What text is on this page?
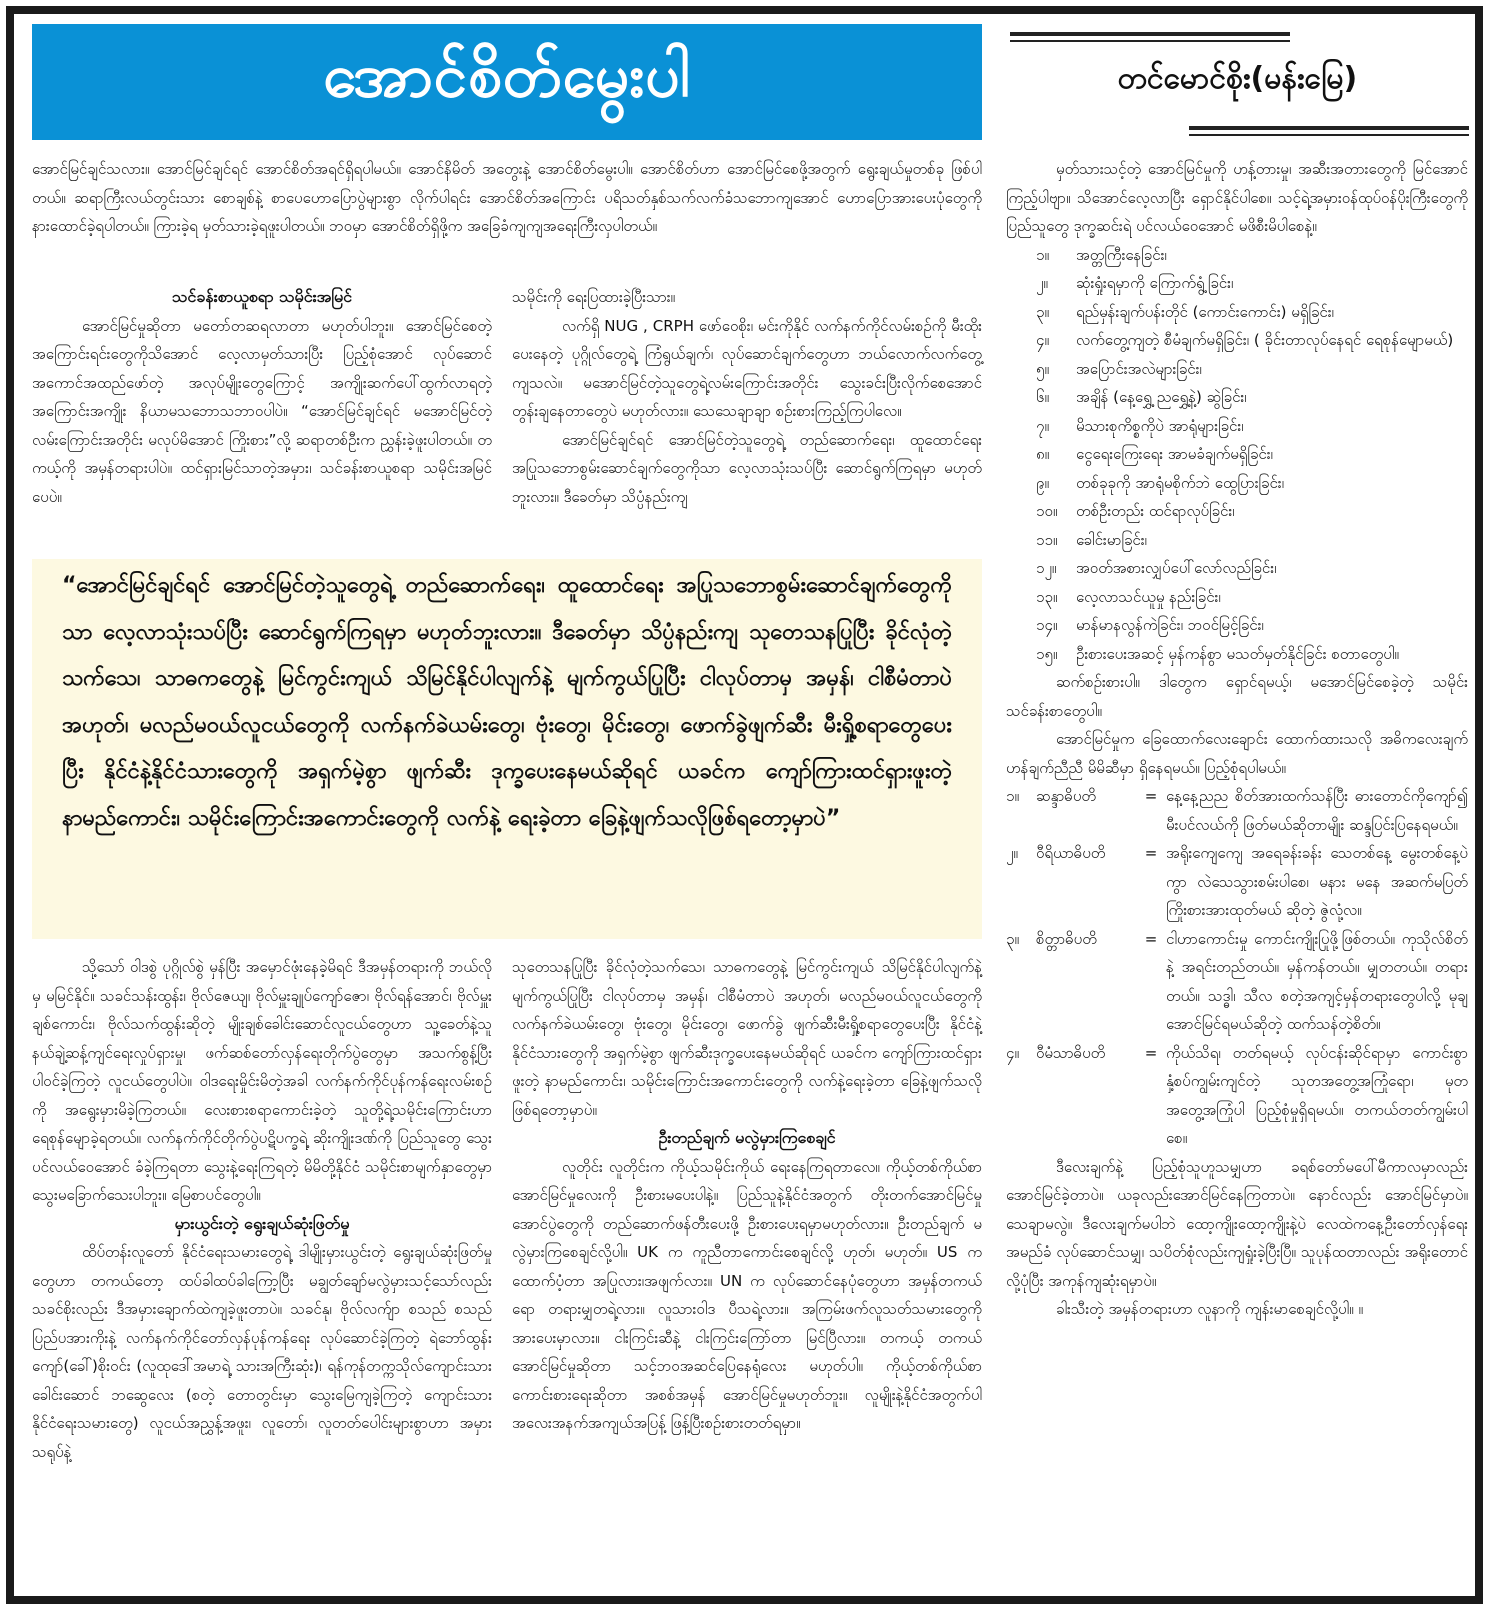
အောင်စိတ်မွေးပါ	တင်မောင်စိုး(မန်းမြေ)

အောင်မြင်ချင်သလား။ အောင်မြင်ချင်ရင် အောင်စိတ်အရင်ရှိရပါမယ်။ အောင်နိမိတ် အတွေးနဲ့ အောင်စိတ်မွေးပါ။ အောင်စိတ်ဟာ အောင်မြင်စေဖို့အတွက် ရွေးချယ်မှုတစ်ခု ဖြစ်ပါတယ်။ ဆရာကြီးလယ်တွင်းသား စောချစ်နဲ့ စာပေဟောပြောပွဲများစွာ လိုက်ပါရင်း အောင်စိတ်အကြောင်း ပရိသတ်နှစ်သက်လက်ခံသဘောကျအောင် ဟောပြောအားပေးပုံတွေကို နားထောင်ခဲ့ရပါတယ်။ ကြားခဲ့ရ မှတ်သားခဲ့ရဖူးပါတယ်။ ဘဝမှာ အောင်စိတ်ရှိဖို့က အခြေခံကျကျအရေးကြီးလှပါတယ်။

သင်ခန်းစာယူစရာ သမိုင်းအမြင်

အောင်မြင်မှုဆိုတာ မတော်တဆရလာတာ မဟုတ်ပါဘူး။ အောင်မြင်စေတဲ့အကြောင်းရင်းတွေကိုသိအောင် လေ့လာမှတ်သားပြီး ပြည့်စုံအောင် လုပ်ဆောင် အကောင်အထည်ဖော်တဲ့ အလုပ်မျိုးတွေကြောင့် အကျိုးဆက်ပေါ်ထွက်လာရတဲ့ အကြောင်းအကျိုး နိယာမသဘောသဘာဝပါပဲ။ “အောင်မြင်ချင်ရင် မအောင်မြင်တဲ့ လမ်းကြောင်းအတိုင်း မလုပ်မိအောင် ကြိုးစား”လို့ ဆရာတစ်ဦးက ညွှန်းခဲ့ဖူးပါတယ်။ တကယ့်ကို အမှန်တရားပါပဲ။ ထင်ရှားမြင်သာတဲ့အမှား၊ သင်ခန်းစာယူစရာ သမိုင်းအမြင်ပေပဲ။

သမိုင်းကို ရေးပြထားခဲ့ပြီးသား။

လက်ရှိ NUG , CRPH ဖော်ဝေစိုး၊ မင်းကိုနိုင် လက်နက်ကိုင်လမ်းစဉ်ကို မီးထိုးပေးနေတဲ့ ပုဂ္ဂိုလ်တွေရဲ့ ကြံရွယ်ချက်၊ လုပ်ဆောင်ချက်တွေဟာ ဘယ်လောက်လက်တွေ့ကျသလဲ။ မအောင်မြင်တဲ့သူတွေရဲ့လမ်းကြောင်းအတိုင်း သွေးခင်းပြီးလိုက်စေအောင် တွန်းချနေတာတွေပဲ မဟုတ်လား။ သေသေချာချာ စဉ်းစားကြည့်ကြပါလေ။

အောင်မြင်ချင်ရင် အောင်မြင်တဲ့သူတွေရဲ့ တည်ဆောက်ရေး၊ ထူထောင်ရေး အပြုသဘောစွမ်းဆောင်ချက်တွေကိုသာ လေ့လာသုံးသပ်ပြီး ဆောင်ရွက်ကြရမှာ မဟုတ်ဘူးလား။ ဒီခေတ်မှာ သိပ္ပံနည်းကျ

“အောင်မြင်ချင်ရင် အောင်မြင်တဲ့သူတွေရဲ့ တည်ဆောက်ရေး၊ ထူထောင်ရေး အပြုသဘောစွမ်းဆောင်ချက်တွေကိုသာ လေ့လာသုံးသပ်ပြီး ဆောင်ရွက်ကြရမှာ မဟုတ်ဘူးလား။ ဒီခေတ်မှာ သိပ္ပံနည်းကျ သုတေသနပြုပြီး ခိုင်လုံတဲ့သက်သေ၊ သာဓကတွေနဲ့ မြင်ကွင်းကျယ် သိမြင်နိုင်ပါလျက်နဲ့ မျက်ကွယ်ပြုပြီး ငါလုပ်တာမှ အမှန်၊ ငါစီမံတာပဲ အဟုတ်၊ မလည်မဝယ်လူငယ်တွေကို လက်နက်ခဲယမ်းတွေ၊ ဗုံးတွေ၊ မိုင်းတွေ၊ ဖောက်ခွဲဖျက်ဆီး မီးရှို့စရာတွေပေးပြီး နိုင်ငံနဲ့နိုင်ငံသားတွေကို အရှက်မဲ့စွာ ဖျက်ဆီး ဒုက္ခပေးနေမယ်ဆိုရင် ယခင်က ကျော်ကြားထင်ရှားဖူးတဲ့ နာမည်ကောင်း၊ သမိုင်းကြောင်းအကောင်းတွေကို လက်နဲ့ ရေးခဲ့တာ ခြေနဲ့ဖျက်သလိုဖြစ်ရတော့မှာပဲ”

သို့သော် ဝါဒစွဲ ပုဂ္ဂိုလ်စွဲ မှန်ပြီး အမှောင်ဖုံးနေခဲ့မိရင် ဒီအမှန်တရားကို ဘယ်လိုမှ မမြင်နိုင်။ သခင်သန်းထွန်း၊ ဗိုလ်ဇေယျ၊ ဗိုလ်မှူးချုပ်ကျော်ဇော၊ ဗိုလ်ရန်အောင်၊ ဗိုလ်မှူးချစ်ကောင်း၊ ဗိုလ်သက်ထွန်းဆိုတဲ့ မျိုးချစ်ခေါင်းဆောင်လူငယ်တွေဟာ သူ့ခေတ်နဲ့သူ နယ်ချဲ့ဆန့်ကျင်ရေးလှုပ်ရှားမှု၊ ဖက်ဆစ်တော်လှန်ရေးတိုက်ပွဲတွေမှာ အသက်စွန့်ပြီး ပါဝင်ခဲ့ကြတဲ့ လူငယ်တွေပါပဲ။ ဝါဒရေးမှိုင်းမိတဲ့အခါ လက်နက်ကိုင်ပုန်ကန်ရေးလမ်းစဉ်ကို အရွေးမှားမိခဲ့ကြတယ်။ လေးစားစရာကောင်းခဲ့တဲ့ သူတို့ရဲ့သမိုင်းကြောင်းဟာ ရေစုန်မျောခဲ့ရတယ်။ လက်နက်ကိုင်တိုက်ပွဲပဋိပက္ခရဲ့ ဆိုးကျိုးဒဏ်ကို ပြည်သူတွေ သွေးပင်လယ်ဝေအောင် ခံခဲ့ကြရတာ သွေးနဲ့ရေးကြရတဲ့ မိမိတို့နိုင်ငံ သမိုင်းစာမျက်နှာတွေမှာ သွေးမခြောက်သေးပါဘူး။ မြေစာပင်တွေပါ။

မှားယွင်းတဲ့ ရွေးချယ်ဆုံးဖြတ်မှု

ထိပ်တန်းလူတော် နိုင်ငံရေးသမားတွေရဲ့ ဒါမျိုးမှားယွင်းတဲ့ ရွေးချယ်ဆုံးဖြတ်မှုတွေဟာ တကယ်တော့ ထပ်ခါထပ်ခါကြော့ပြီး မချွတ်ချော်မလွဲမှားသင့်သော်လည်း သခင်စိုးလည်း ဒီအမှားချောက်ထဲကျခဲ့ဖူးတာပဲ။ သခင်နု၊ ဗိုလ်လက်ျာ စသည် စသည် ပြည်ပအားကိုးနဲ့ လက်နက်ကိုင်တော်လှန်ပုန်ကန်ရေး လုပ်ဆောင်ခဲ့ကြတဲ့ ရဲဘော်ထွန်းကျော်(ခေါ်)စိုးဝင်း (လူထုဒေါ်အမာရဲ့ သားအကြီးဆုံး)၊ ရန်ကုန်တက္ကသိုလ်ကျောင်းသားခေါင်းဆောင် ဘဆွေလေး (စတဲ့ တောတွင်းမှာ သွေးမြေကျခဲ့ကြတဲ့ ကျောင်းသားနိုင်ငံရေးသမားတွေ) လူငယ်အညွှန့်အဖူး၊ လူတော်၊ လူတတ်ပေါင်းများစွာဟာ အမှားသရုပ်နဲ့

သုတေသနပြုပြီး ခိုင်လုံတဲ့သက်သေ၊ သာဓကတွေနဲ့ မြင်ကွင်းကျယ် သိမြင်နိုင်ပါလျက်နဲ့ မျက်ကွယ်ပြုပြီး ငါလုပ်တာမှ အမှန်၊ ငါစီမံတာပဲ အဟုတ်၊ မလည်မဝယ်လူငယ်တွေကို လက်နက်ခဲယမ်းတွေ၊ ဗုံးတွေ၊ မိုင်းတွေ၊ ဖောက်ခွဲ ဖျက်ဆီးမီးရှို့စရာတွေပေးပြီး နိုင်ငံနဲ့နိုင်ငံသားတွေကို အရှက်မဲ့စွာ ဖျက်ဆီးဒုက္ခပေးနေမယ်ဆိုရင် ယခင်က ကျော်ကြားထင်ရှားဖူးတဲ့ နာမည်ကောင်း၊ သမိုင်းကြောင်းအကောင်းတွေကို လက်နဲ့ရေးခဲ့တာ ခြေနဲ့ဖျက်သလိုဖြစ်ရတော့မှာပဲ။

ဦးတည်ချက် မလွဲမှားကြစေချင်

လူတိုင်း လူတိုင်းက ကိုယ့်သမိုင်းကိုယ် ရေးနေကြရတာလေ။ ကိုယ့်တစ်ကိုယ်စာ အောင်မြင်မှုလေးကို ဦးစားမပေးပါနဲ့။ ပြည်သူနဲ့နိုင်ငံအတွက် တိုးတက်အောင်မြင်မှု အောင်ပွဲတွေကို တည်ဆောက်ဖန်တီးပေးဖို့ ဦးစားပေးရမှာမဟုတ်လား။ ဦးတည်ချက် မလွဲမှားကြစေချင်လို့ပါ။ UK က ကူညီတာကောင်းစေချင်လို့ ဟုတ်၊ မဟုတ်။ US က ထောက်ပံ့တာ အပြုလား၊အဖျက်လား။ UN က လုပ်ဆောင်နေပုံတွေဟာ အမှန်တကယ်ရော တရားမျှတရဲ့လား။ လူသားဝါဒ ပီသရဲ့လား။ အကြမ်းဖက်လူသတ်သမားတွေကို အားပေးမှာလား။ ငါးကြင်းဆီနဲ့ ငါးကြင်းကြော်တာ မြင်ပြီလား။ တကယ့် တကယ်အောင်မြင်မှုဆိုတာ သင့်ဘဝအဆင်ပြေနေရုံလေး မဟုတ်ပါ။ ကိုယ့်တစ်ကိုယ်စာ ကောင်းစားရေးဆိုတာ အစစ်အမှန် အောင်မြင်မှုမဟုတ်ဘူး။ လူမျိုးနဲ့နိုင်ငံအတွက်ပါ အလေးအနက်အကျယ်အပြန့် ဖြန့်ပြီးစဉ်းစားတတ်ရမှာ။

မှတ်သားသင့်တဲ့ အောင်မြင်မှုကို ဟန့်တားမှု၊ အဆီးအတားတွေကို မြင်အောင်ကြည့်ပါဗျာ။ သိအောင်လေ့လာပြီး ရှောင်နိုင်ပါစေ။ သင့်ရဲ့အမှားဝန်ထုပ်ဝန်ပိုးကြီးတွေကို ပြည်သူတွေ ဒုက္ခဆင်းရဲ ပင်လယ်ဝေအောင် မဖိစီးမိပါစေနဲ့။

၁။	အတ္တကြီးနေခြင်း၊
၂။	ဆုံးရှုံးရမှာကို ကြောက်ရွံ့ခြင်း၊
၃။	ရည်မှန်းချက်ပန်းတိုင် (ကောင်းကောင်း) မရှိခြင်း၊
၄။	လက်တွေ့ကျတဲ့ စီမံချက်မရှိခြင်း၊ ( ခိုင်းတာလုပ်နေရင် ရေစုန်မျောမယ်)
၅။	အပြောင်းအလဲများခြင်း၊
၆။	အချိန် (နေ့ရွှေ့ ညရွှေ့နဲ့) ဆွဲခြင်း၊
၇။	မိသားစုကိစ္စကိုပဲ အာရုံများခြင်း၊
၈။	ငွေရေးကြေးရေး အာမခံချက်မရှိခြင်း၊
၉။	တစ်ခုခုကို အာရုံမစိုက်ဘဲ ထွေပြားခြင်း၊
၁၀။	တစ်ဦးတည်း ထင်ရာလုပ်ခြင်း၊
၁၁။	ခေါင်းမာခြင်း၊
၁၂။	အဝတ်အစားလျှပ်ပေါ်လော်လည်ခြင်း၊
၁၃။	လေ့လာသင်ယူမှု နည်းခြင်း၊
၁၄။	မာန်မာနလွန်ကဲခြင်း၊ ဘဝင်မြင့်ခြင်း၊
၁၅။	ဦးစားပေးအဆင့် မှန်ကန်စွာ မသတ်မှတ်နိုင်ခြင်း စတာတွေပါ။

ဆက်စဉ်းစားပါ။ ဒါတွေက ရှောင်ရမယ့်၊ မအောင်မြင်စေခဲ့တဲ့ သမိုင်းသင်ခန်းစာတွေပါ။

အောင်မြင်မှုက ခြေထောက်လေးချောင်း ထောက်ထားသလို အဓိကလေးချက် ဟန်ချက်ညီညီ မိမိဆီမှာ ရှိနေရမယ်။ ပြည့်စုံရပါမယ်။

၁။	ဆန္ဒာဓိပတိ	= နေ့နေ့ညည စိတ်အားထက်သန်ပြီး ဓားတောင်ကိုကျော်၍ မီးပင်လယ်ကို ဖြတ်မယ်ဆိုတာမျိုး ဆန္ဒပြင်းပြနေရမယ်။
၂။	ဝီရိယာဓိပတိ	= အရိုးကျေကျေ အရေခန်းခန်း သေတစ်နေ့ မွေးတစ်နေ့ပဲကွာ လဲသေသွားစမ်းပါစေ၊ မနား မနေ အဆက်မပြတ် ကြိုးစားအားထုတ်မယ် ဆိုတဲ့ ဇွဲလုံ့လ။
၃။	စိတ္တာဓိပတိ	= ငါဟာကောင်းမှု ကောင်းကျိုးပြုဖို့ဖြစ်တယ်။ ကုသိုလ်စိတ်နဲ့ အရင်းတည်တယ်။ မှန်ကန်တယ်။ မျှတတယ်။ တရားတယ်။ သဒ္ဓါ၊ သီလ စတဲ့အကျင့်မှန်တရားတွေပါလို့ မုချအောင်မြင်ရမယ်ဆိုတဲ့ ထက်သန်တဲ့စိတ်။
၄။	ဝီမံသာဓိပတိ	= ကိုယ်သိရ၊ တတ်ရမယ့် လုပ်ငန်းဆိုင်ရာမှာ ကောင်းစွာ နှံ့စပ်ကျွမ်းကျင်တဲ့ သုတအတွေ့အကြုံရော၊ မုတအတွေ့အကြုံပါ ပြည့်စုံမှုရှိရမယ်။ တကယ်တတ်ကျွမ်းပါစေ။

ဒီလေးချက်နဲ့ ပြည့်စုံသူဟူသမျှဟာ ခရစ်တော်မပေါ်မီကာလမှာလည်း အောင်မြင်ခဲ့တာပဲ။ ယခုလည်းအောင်မြင်နေကြတာပဲ။ နောင်လည်း အောင်မြင်မှာပဲ။ သေချာမလွဲ။ ဒီလေးချက်မပါဘဲ ထော့ကျိုးထော့ကျိုးနဲ့ပဲ လေထဲကနေ့ဦးတော်လှန်ရေးအမည်ခံ လုပ်ဆောင်သမျှ၊ သပိတ်စုံလည်းကျရှုံးခဲ့ပြီးပြီ။ သူပုန်ထတာလည်း အရိုးတောင်လို့ပုံပြီး အကုန်ကျဆုံးရမှာပဲ။

ခါးသီးတဲ့ အမှန်တရားဟာ လူနာကို ကျန်းမာစေချင်လို့ပါ။ ။
